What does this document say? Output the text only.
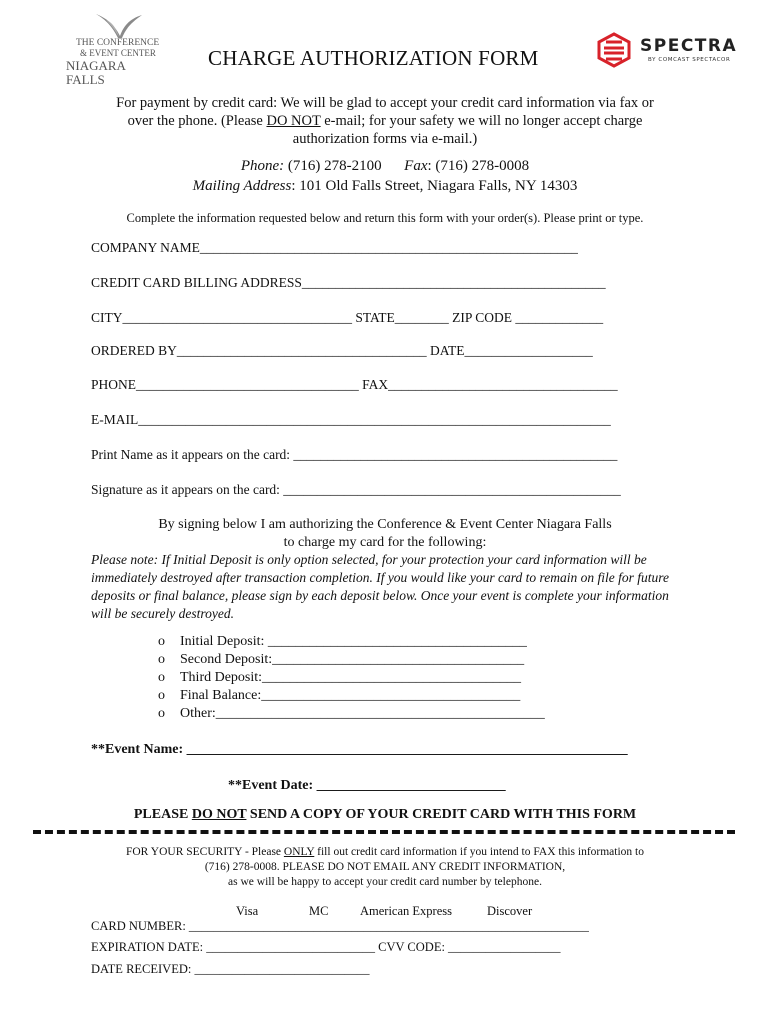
THE CONFERENCE
& EVENT CENTER
NIAGARA FALLS
SPECTRA
BY COMCAST SPECTACOR
CHARGE AUTHORIZATION FORM
For payment by credit card: We will be glad to accept your credit card information via fax or
over the phone. (Please DO NOT e-mail; for your safety we will no longer accept charge
authorization forms via e-mail.)
Phone: (716) 278-2100 Fax: (716) 278-0008
Mailing Address: 101 Old Falls Street, Niagara Falls, NY 14303
Complete the information requested below and return this form with your order(s). Please print or type.
COMPANY NAME________________________________________________________
CREDIT CARD BILLING ADDRESS_____________________________________________
CITY__________________________________ STATE________ ZIP CODE _____________
ORDERED BY_____________________________________ DATE___________________
PHONE_________________________________ FAX__________________________________
E-MAIL______________________________________________________________________
Print Name as it appears on the card: ________________________________________________
Signature as it appears on the card: __________________________________________________
By signing below I am authorizing the Conference & Event Center Niagara Falls
to charge my card for the following:
Please note: If Initial Deposit is only option selected, for your protection your card information will be immediately destroyed after transaction completion. If you would like your card to remain on file for future deposits or final balance, please sign by each deposit below. Once your event is complete your information will be securely destroyed.
o Initial Deposit: _____________________________________
o Second Deposit:____________________________________
o Third Deposit:_____________________________________
o Final Balance:_____________________________________
o Other:_______________________________________________
**Event Name: _______________________________________________________________
**Event Date: ___________________________
PLEASE DO NOT SEND A COPY OF YOUR CREDIT CARD WITH THIS FORM
FOR YOUR SECURITY - Please ONLY fill out credit card information if you intend to FAX this information to
(716) 278-0008. PLEASE DO NOT EMAIL ANY CREDIT INFORMATION,
as we will be happy to accept your credit card number by telephone.
Visa	MC	American Express	Discover
CARD NUMBER: ________________________________________________________________
EXPIRATION DATE: ___________________________ CVV CODE: __________________
DATE RECEIVED: ____________________________
